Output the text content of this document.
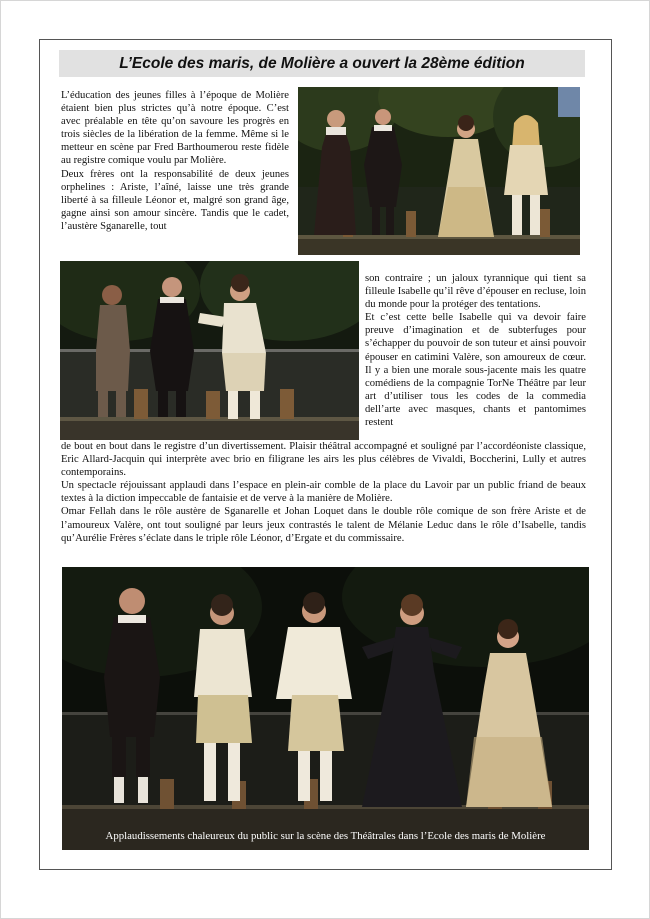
L’Ecole des maris, de Molière a ouvert la 28ème édition

L’éducation des jeunes filles à l’époque de Molière étaient bien plus strictes qu’à notre époque. C’est avec préalable en tête qu’on savoure les progrès en trois siècles de la libération de la femme. Même si le metteur en scène par Fred Barthoumerou reste fidèle au registre comique voulu par Molière.

Deux frères ont la responsabilité de deux jeunes orphelines : Ariste, l’aîné, laisse une très grande liberté à sa filleule Léonor et, malgré son grand âge, gagne ainsi son amour sincère. Tandis que le cadet, l’austère Sganarelle, tout

son contraire ; un jaloux tyrannique qui tient sa filleule Isabelle qu’il rêve d’épouser en recluse, loin du monde pour la protéger des tentations.

Et c’est cette belle Isabelle qui va devoir faire preuve d’imagination et de subterfuges pour s’échapper du pouvoir de son tuteur et ainsi pouvoir épouser en catimini Valère, son amoureux de cœur. Il y a bien une morale sous-jacente mais les quatre comédiens de la compagnie TorNe Théâtre par leur art d’utiliser tous les codes de la commedia dell’arte avec masques, chants et pantomimes restent

de bout en bout dans le registre d’un divertissement. Plaisir théâtral accompagné et souligné par l’accordéoniste classique, Eric Allard-Jacquin qui interprète avec brio en filigrane les airs les plus célèbres de Vivaldi, Boccherini, Lully et autres contemporains.

Un spectacle réjouissant applaudi dans l’espace en plein-air comble de la place du Lavoir par un public friand de beaux textes à la diction impeccable de fantaisie et de verve à la manière de Molière.

Omar Fellah dans le rôle austère de Sganarelle et Johan Loquet dans le double rôle comique de son frère Ariste et de l’amoureux Valère, ont tout souligné par leurs jeux contrastés le talent de Mélanie Leduc dans le rôle d’Isabelle, tandis qu’Aurélie Frères s’éclate dans le triple rôle Léonor, d’Ergate et du commissaire.

Applaudissements chaleureux du public sur la scène des Théâtrales dans l’Ecole des maris de Molière
